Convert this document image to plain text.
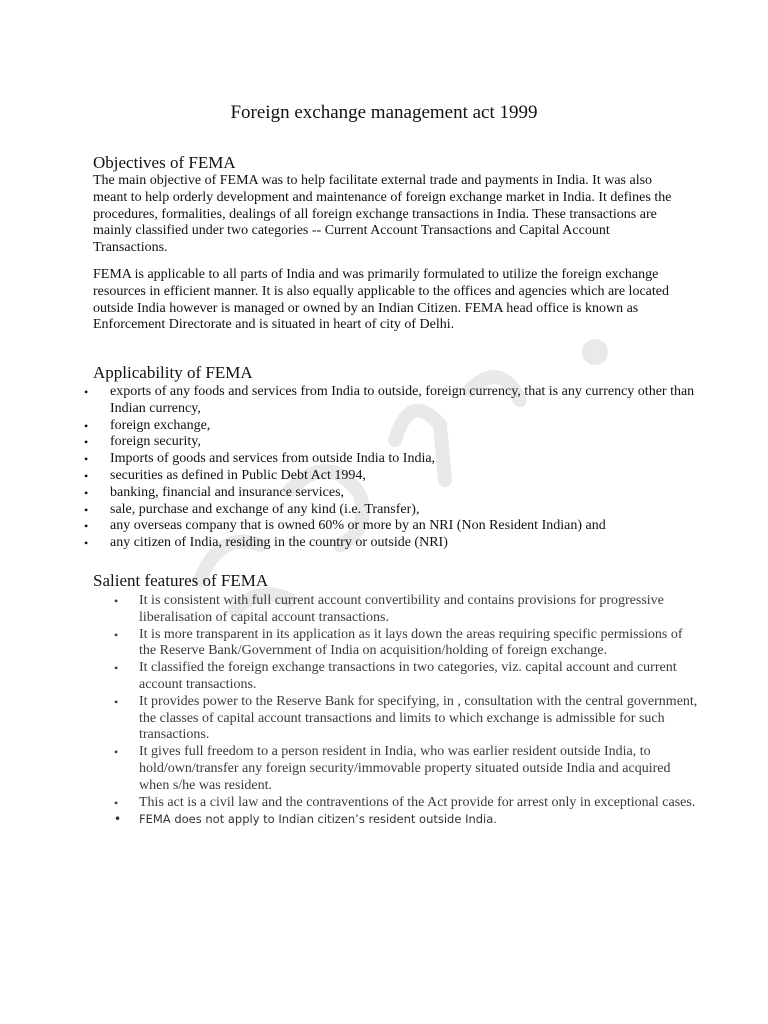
Foreign exchange management act 1999
Objectives of FEMA

The main objective of FEMA was to help facilitate external trade and payments in India. It was also meant to help orderly development and maintenance of foreign exchange market in India. It defines the procedures, formalities, dealings of all foreign exchange transactions in India. These transactions are mainly classified under two categories -- Current Account Transactions and Capital Account Transactions.

FEMA is applicable to all parts of India and was primarily formulated to utilize the foreign exchange resources in efficient manner. It is also equally applicable to the offices and agencies which are located outside India however is managed or owned by an Indian Citizen. FEMA head office is known as Enforcement Directorate and is situated in heart of city of Delhi.

Applicability of FEMA
• exports of any foods and services from India to outside, foreign currency, that is any currency other than Indian currency,
• foreign exchange,
• foreign security,
• Imports of goods and services from outside India to India,
• securities as defined in Public Debt Act 1994,
• banking, financial and insurance services,
• sale, purchase and exchange of any kind (i.e. Transfer),
• any overseas company that is owned 60% or more by an NRI (Non Resident Indian) and
• any citizen of India, residing in the country or outside (NRI)
Salient features of FEMA
• It is consistent with full current account convertibility and contains provisions for progressive liberalisation of capital account transactions.
• It is more transparent in its application as it lays down the areas requiring specific permissions of the Reserve Bank/Government of India on acquisition/holding of foreign exchange.
• It classified the foreign exchange transactions in two categories, viz. capital account and current account transactions.
• It provides power to the Reserve Bank for specifying, in , consultation with the central government, the classes of capital account transactions and limits to which exchange is admissible for such transactions.
• It gives full freedom to a person resident in India, who was earlier resident outside India, to hold/own/transfer any foreign security/immovable property situated outside India and acquired when s/he was resident.
• This act is a civil law and the contraventions of the Act provide for arrest only in exceptional cases.
• FEMA does not apply to Indian citizen’s resident outside India.
